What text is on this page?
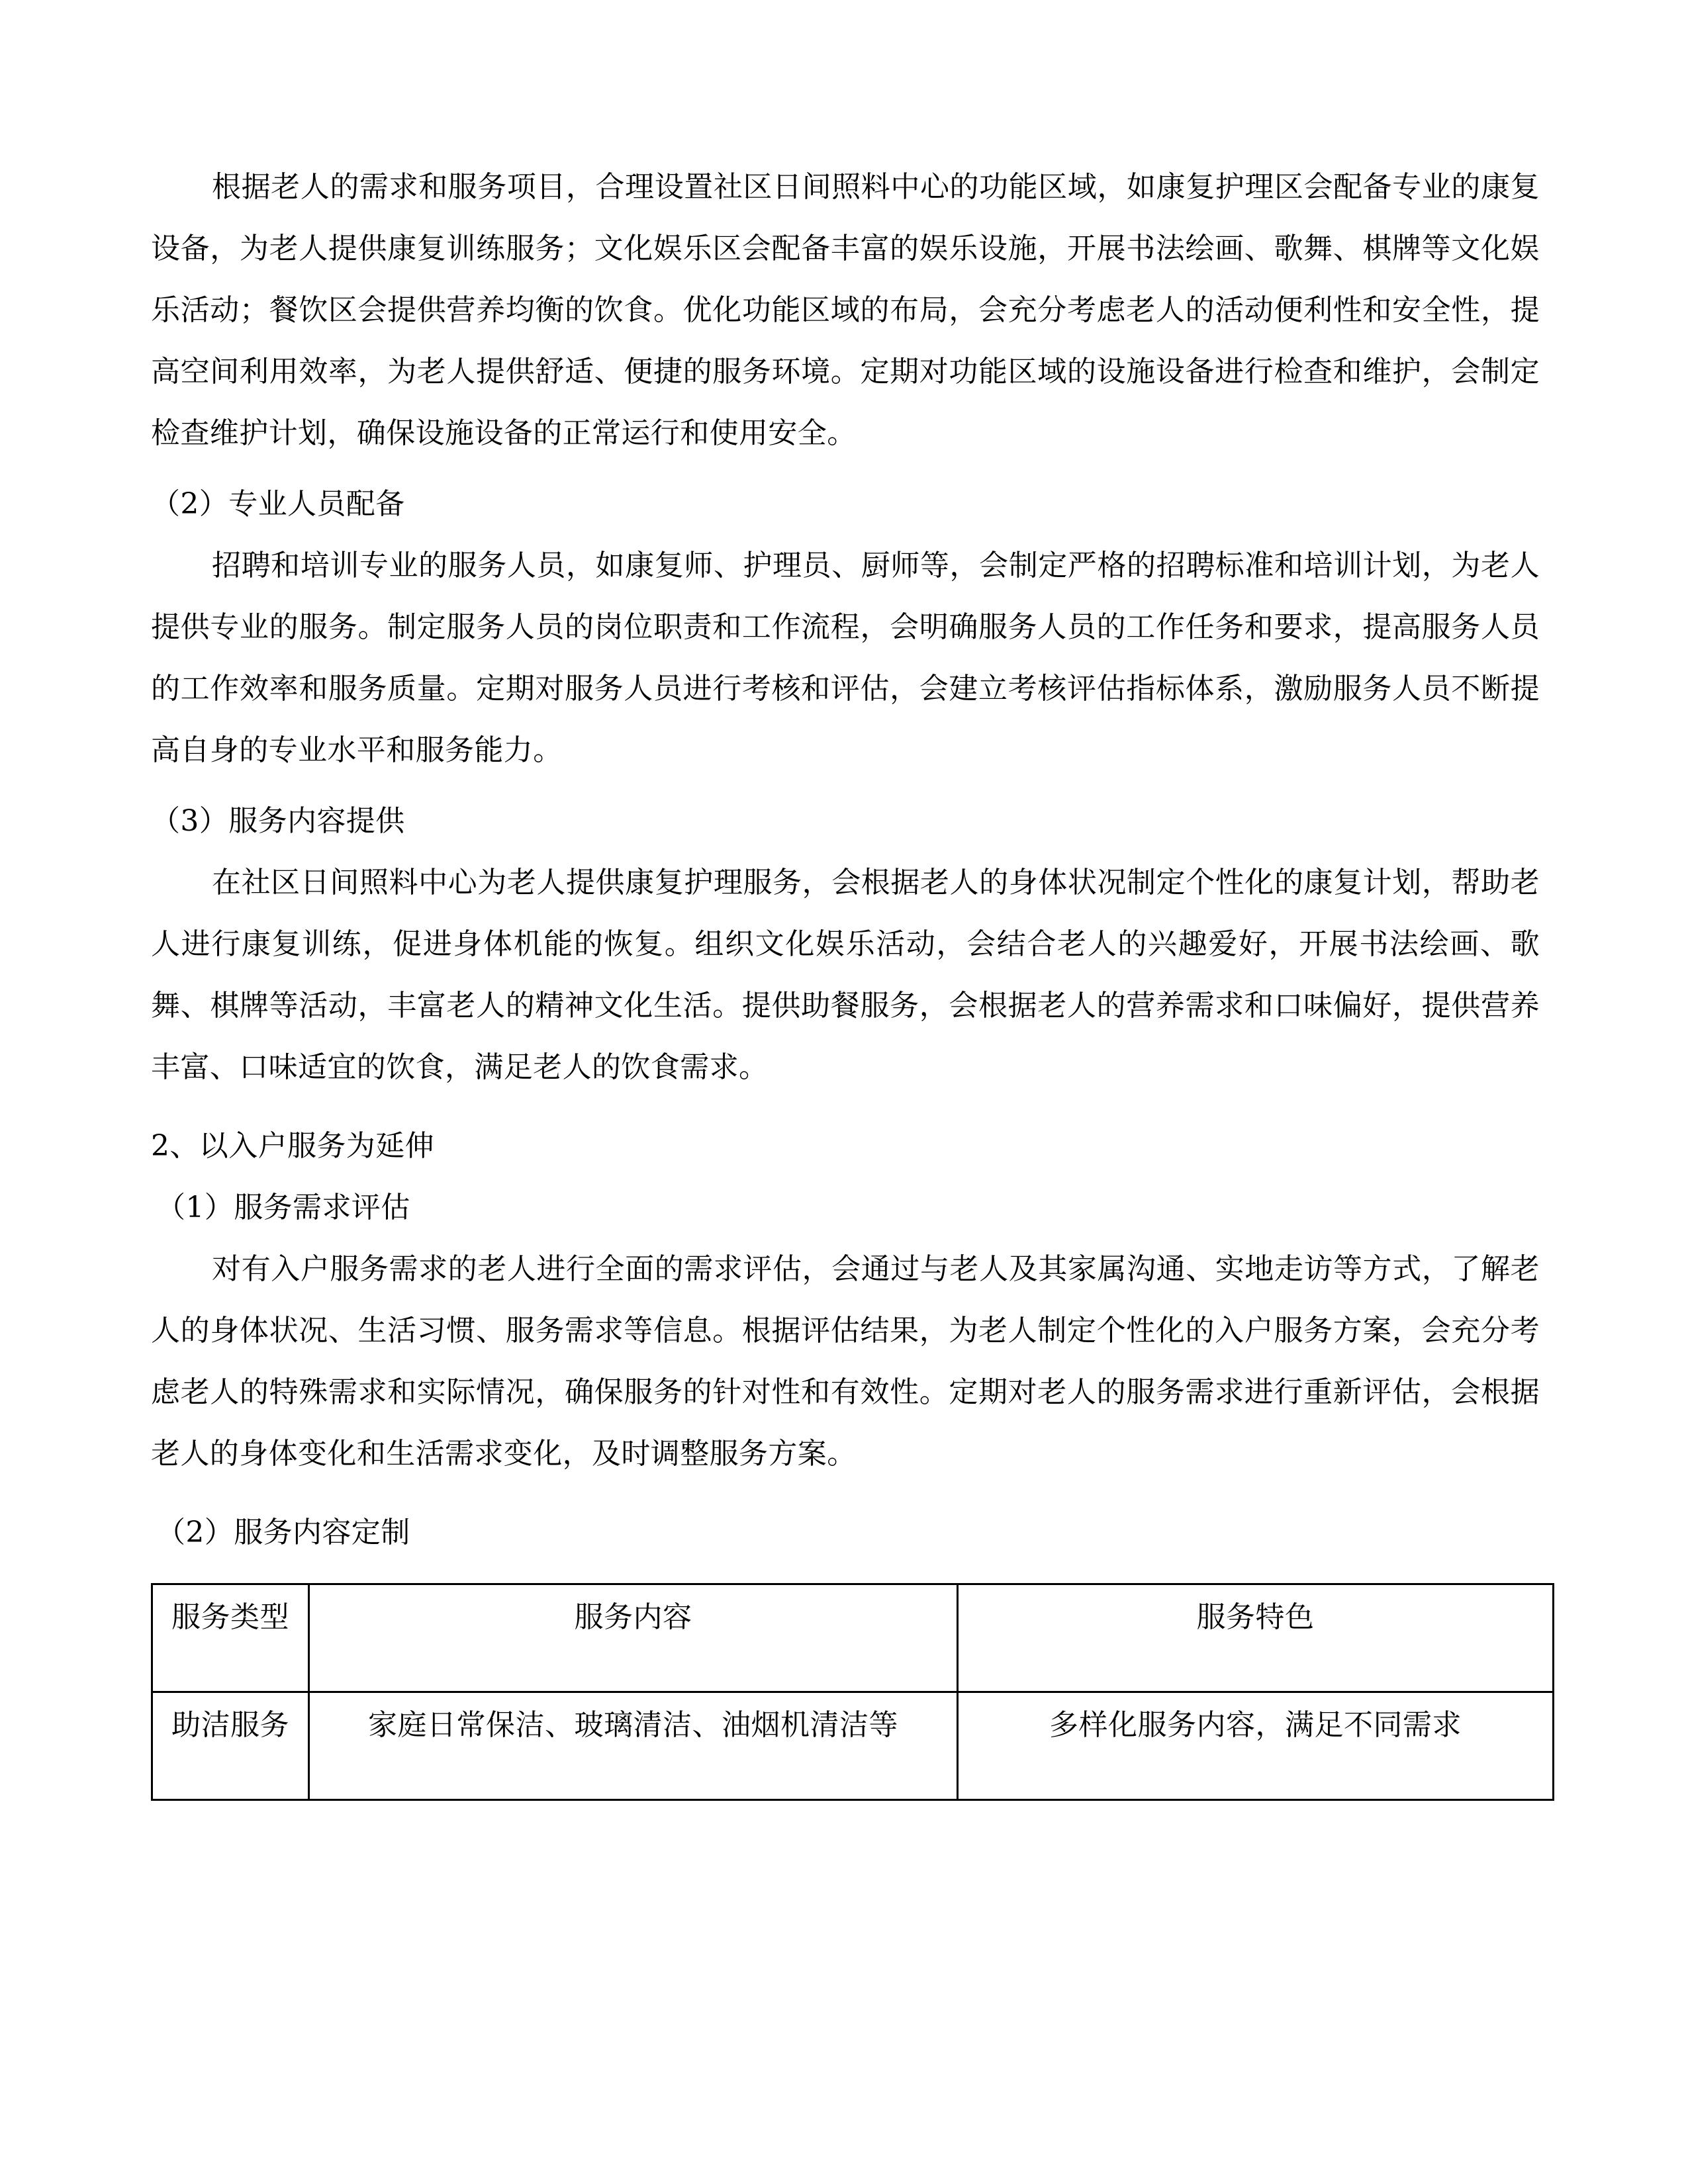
根据老人的需求和服务项目，合理设置社区日间照料中心的功能区域，如康复护理区会配备专业的康复设备，为老人提供康复训练服务；文化娱乐区会配备丰富的娱乐设施，开展书法绘画、歌舞、棋牌等文化娱乐活动；餐饮区会提供营养均衡的饮食。优化功能区域的布局，会充分考虑老人的活动便利性和安全性，提高空间利用效率，为老人提供舒适、便捷的服务环境。定期对功能区域的设施设备进行检查和维护，会制定检查维护计划，确保设施设备的正常运行和使用安全。

（2）专业人员配备

招聘和培训专业的服务人员，如康复师、护理员、厨师等，会制定严格的招聘标准和培训计划，为老人提供专业的服务。制定服务人员的岗位职责和工作流程，会明确服务人员的工作任务和要求，提高服务人员的工作效率和服务质量。定期对服务人员进行考核和评估，会建立考核评估指标体系，激励服务人员不断提高自身的专业水平和服务能力。

（3）服务内容提供

在社区日间照料中心为老人提供康复护理服务，会根据老人的身体状况制定个性化的康复计划，帮助老人进行康复训练，促进身体机能的恢复。组织文化娱乐活动，会结合老人的兴趣爱好，开展书法绘画、歌舞、棋牌等活动，丰富老人的精神文化生活。提供助餐服务，会根据老人的营养需求和口味偏好，提供营养丰富、口味适宜的饮食，满足老人的饮食需求。

2、以入户服务为延伸

（1）服务需求评估

对有入户服务需求的老人进行全面的需求评估，会通过与老人及其家属沟通、实地走访等方式，了解老人的身体状况、生活习惯、服务需求等信息。根据评估结果，为老人制定个性化的入户服务方案，会充分考虑老人的特殊需求和实际情况，确保服务的针对性和有效性。定期对老人的服务需求进行重新评估，会根据老人的身体变化和生活需求变化，及时调整服务方案。

（2）服务内容定制

服务类型	服务内容	服务特色
助洁服务	家庭日常保洁、玻璃清洁、油烟机清洁等	多样化服务内容，满足不同需求
